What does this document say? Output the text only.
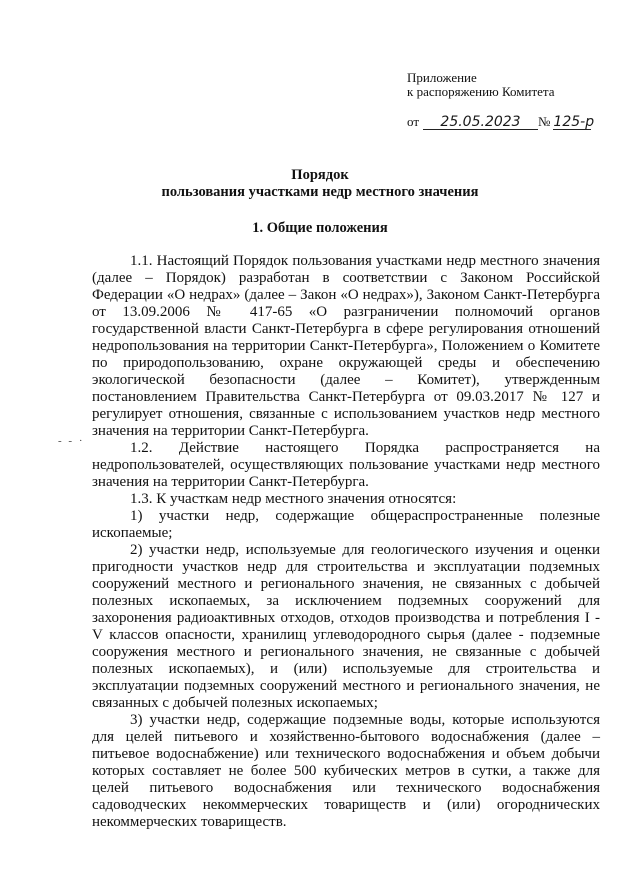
Приложение
к распоряжению Комитета
от	25.05.2023	№ 125-р
Порядок
пользования участками недр местного значения
1. Общие положения
- - ·

1.1. Настоящий Порядок пользования участками недр местного значения (далее – Порядок) разработан в соответствии с Законом Российской Федерации «О недрах» (далее – Закон «О недрах»), Законом Санкт-Петербурга от 13.09.2006 № 417-65 «О разграничении полномочий органов государственной власти Санкт-Петербурга в сфере регулирования отношений недропользования на территории Санкт-Петербурга», Положением о Комитете по природопользованию, охране окружающей среды и обеспечению экологической безопасности (далее – Комитет), утвержденным постановлением Правительства Санкт-Петербурга от 09.03.2017 № 127 и регулирует отношения, связанные с использованием участков недр местного значения на территории Санкт-Петербурга.

1.2. Действие настоящего Порядка распространяется на недропользователей, осуществляющих пользование участками недр местного значения на территории Санкт-Петербурга.

1.3. К участкам недр местного значения относятся:

1) участки недр, содержащие общераспространенные полезные ископаемые;

2) участки недр, используемые для геологического изучения и оценки пригодности участков недр для строительства и эксплуатации подземных сооружений местного и регионального значения, не связанных с добычей полезных ископаемых, за исключением подземных сооружений для захоронения радиоактивных отходов, отходов производства и потребления I - V классов опасности, хранилищ углеводородного сырья (далее - подземные сооружения местного и регионального значения, не связанные с добычей полезных ископаемых), и (или) используемые для строительства и эксплуатации подземных сооружений местного и регионального значения, не связанных с добычей полезных ископаемых;

3) участки недр, содержащие подземные воды, которые используются для целей питьевого и хозяйственно-бытового водоснабжения (далее – питьевое водоснабжение) или технического водоснабжения и объем добычи которых составляет не более 500 кубических метров в сутки, а также для целей питьевого водоснабжения или технического водоснабжения садоводческих некоммерческих товариществ и (или) огороднических некоммерческих товариществ.
